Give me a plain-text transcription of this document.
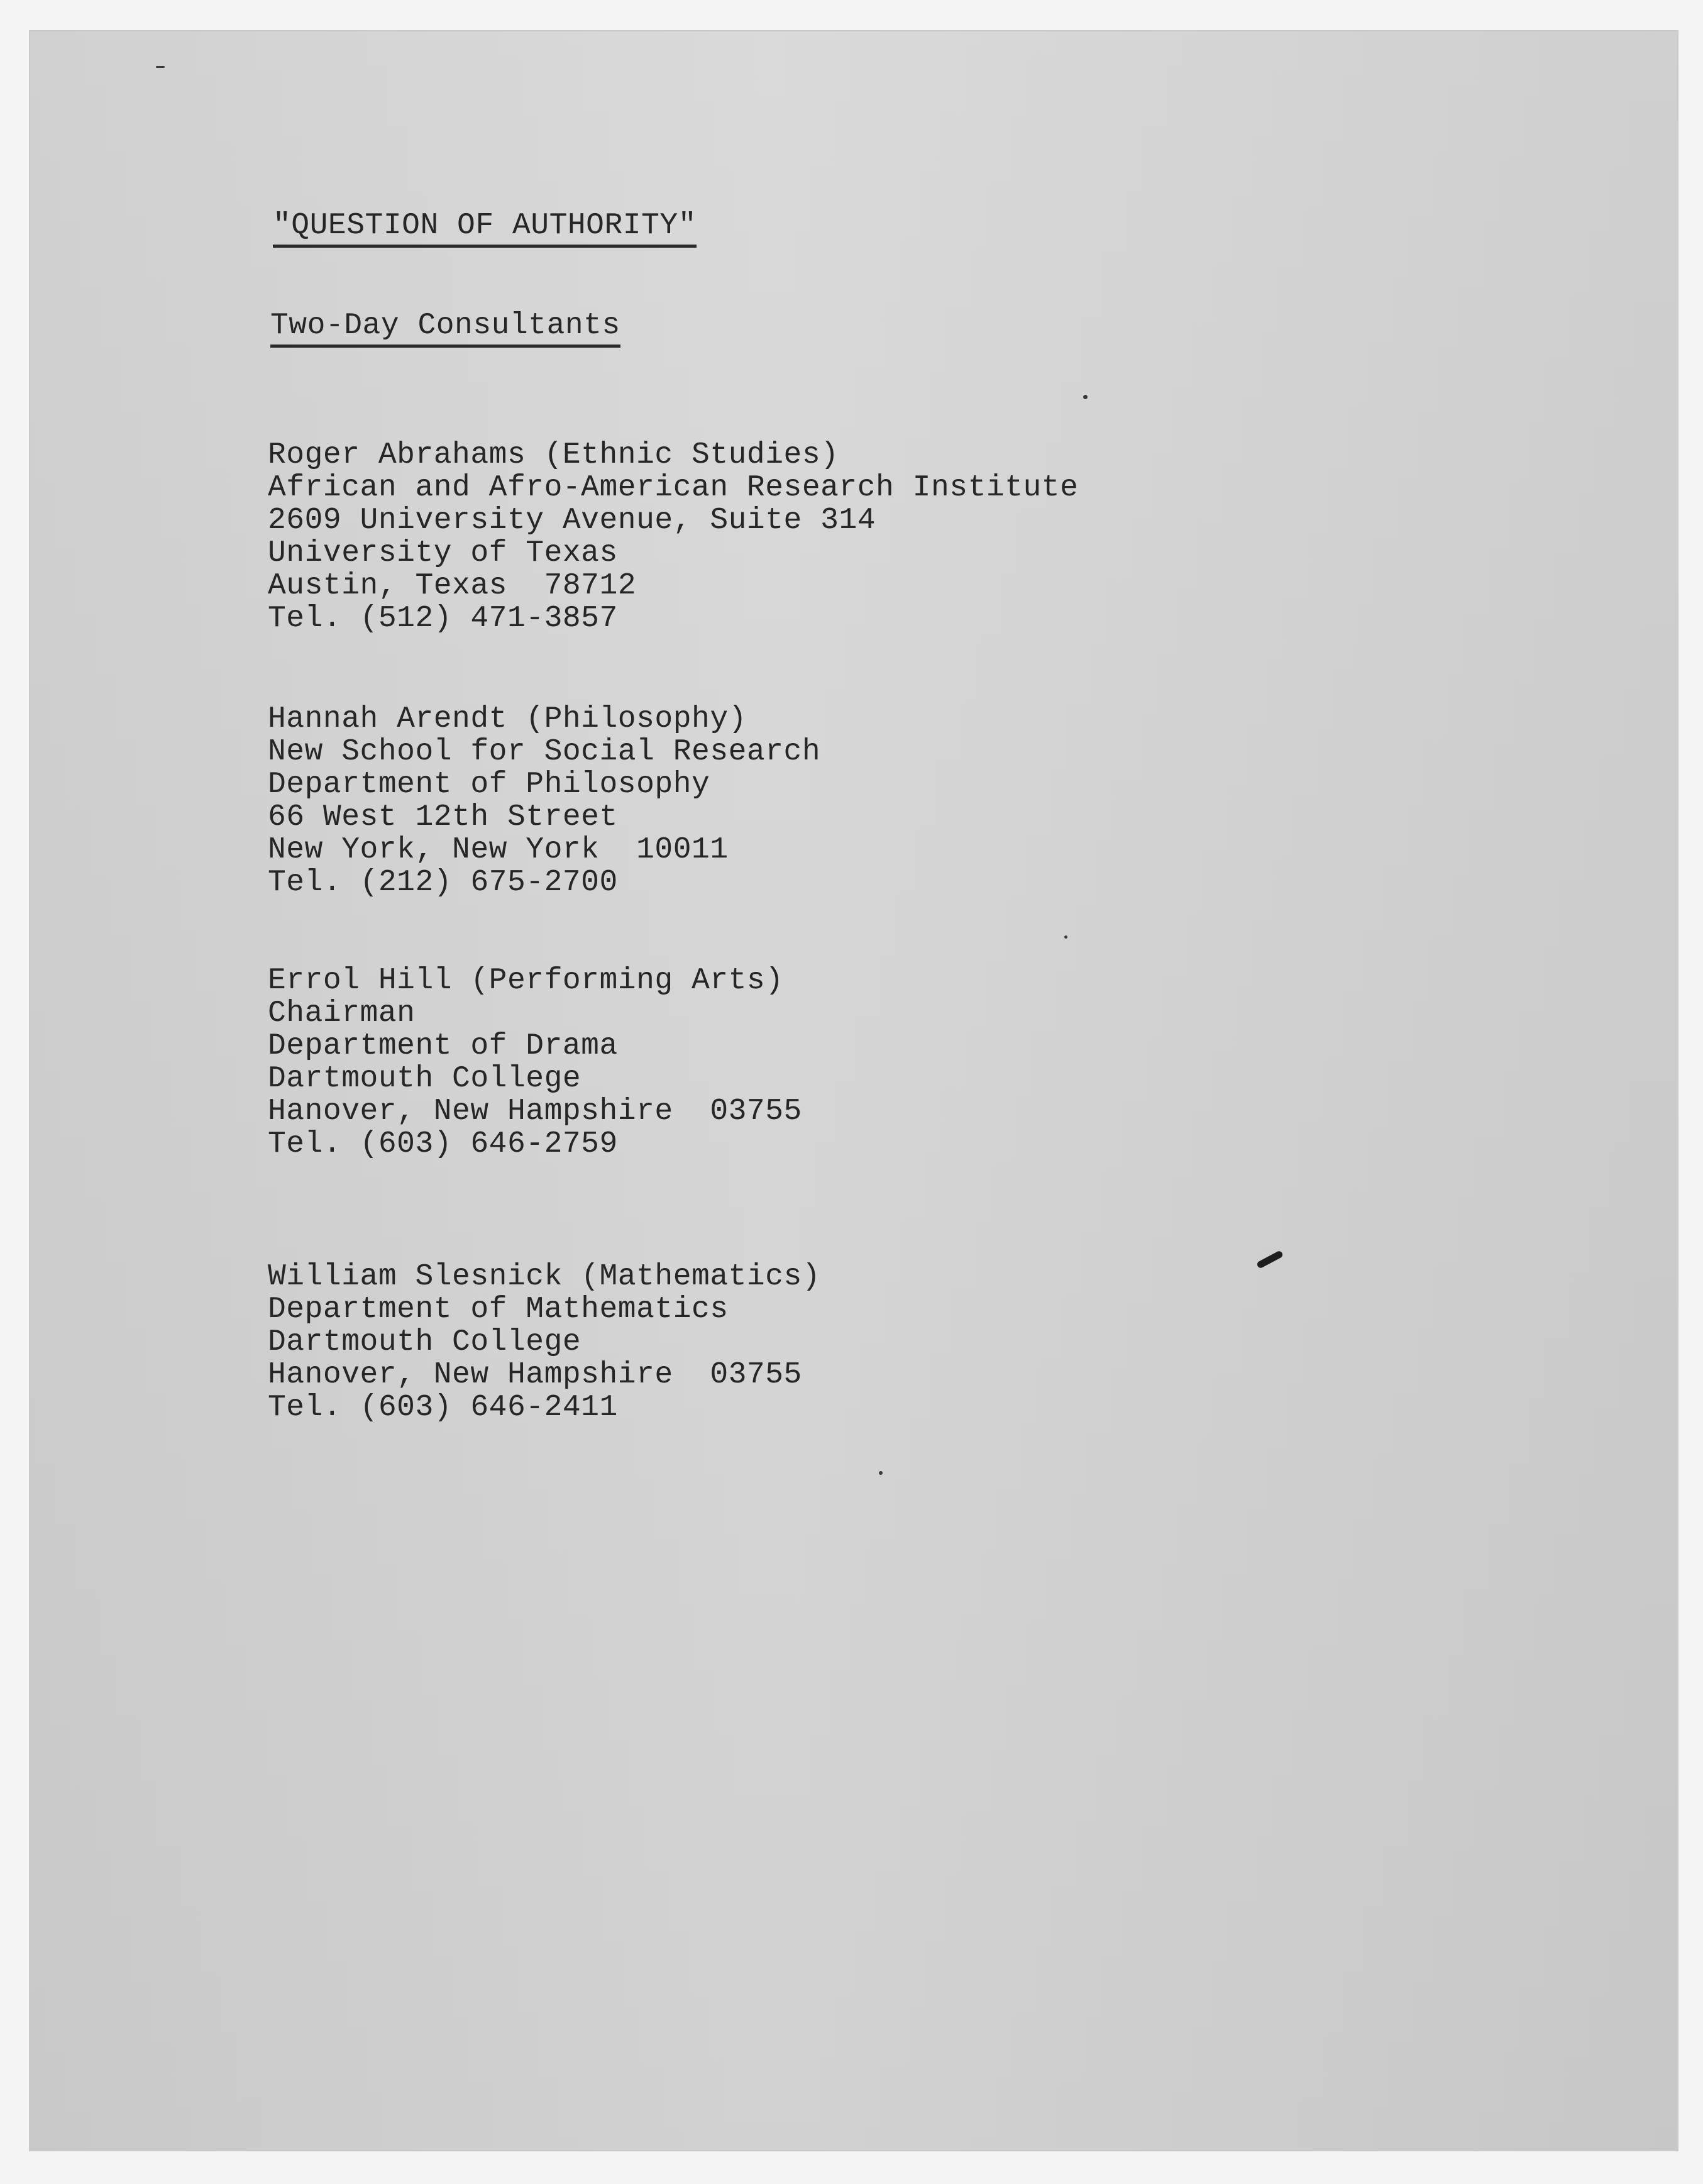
"QUESTION OF AUTHORITY"
Two-Day Consultants
Roger Abrahams (Ethnic Studies)
African and Afro-American Research Institute
2609 University Avenue, Suite 314
University of Texas
Austin, Texas  78712
Tel. (512) 471-3857
Hannah Arendt (Philosophy)
New School for Social Research
Department of Philosophy
66 West 12th Street
New York, New York  10011
Tel. (212) 675-2700
Errol Hill (Performing Arts)
Chairman
Department of Drama
Dartmouth College
Hanover, New Hampshire  03755
Tel. (603) 646-2759
William Slesnick (Mathematics)
Department of Mathematics
Dartmouth College
Hanover, New Hampshire  03755
Tel. (603) 646-2411
